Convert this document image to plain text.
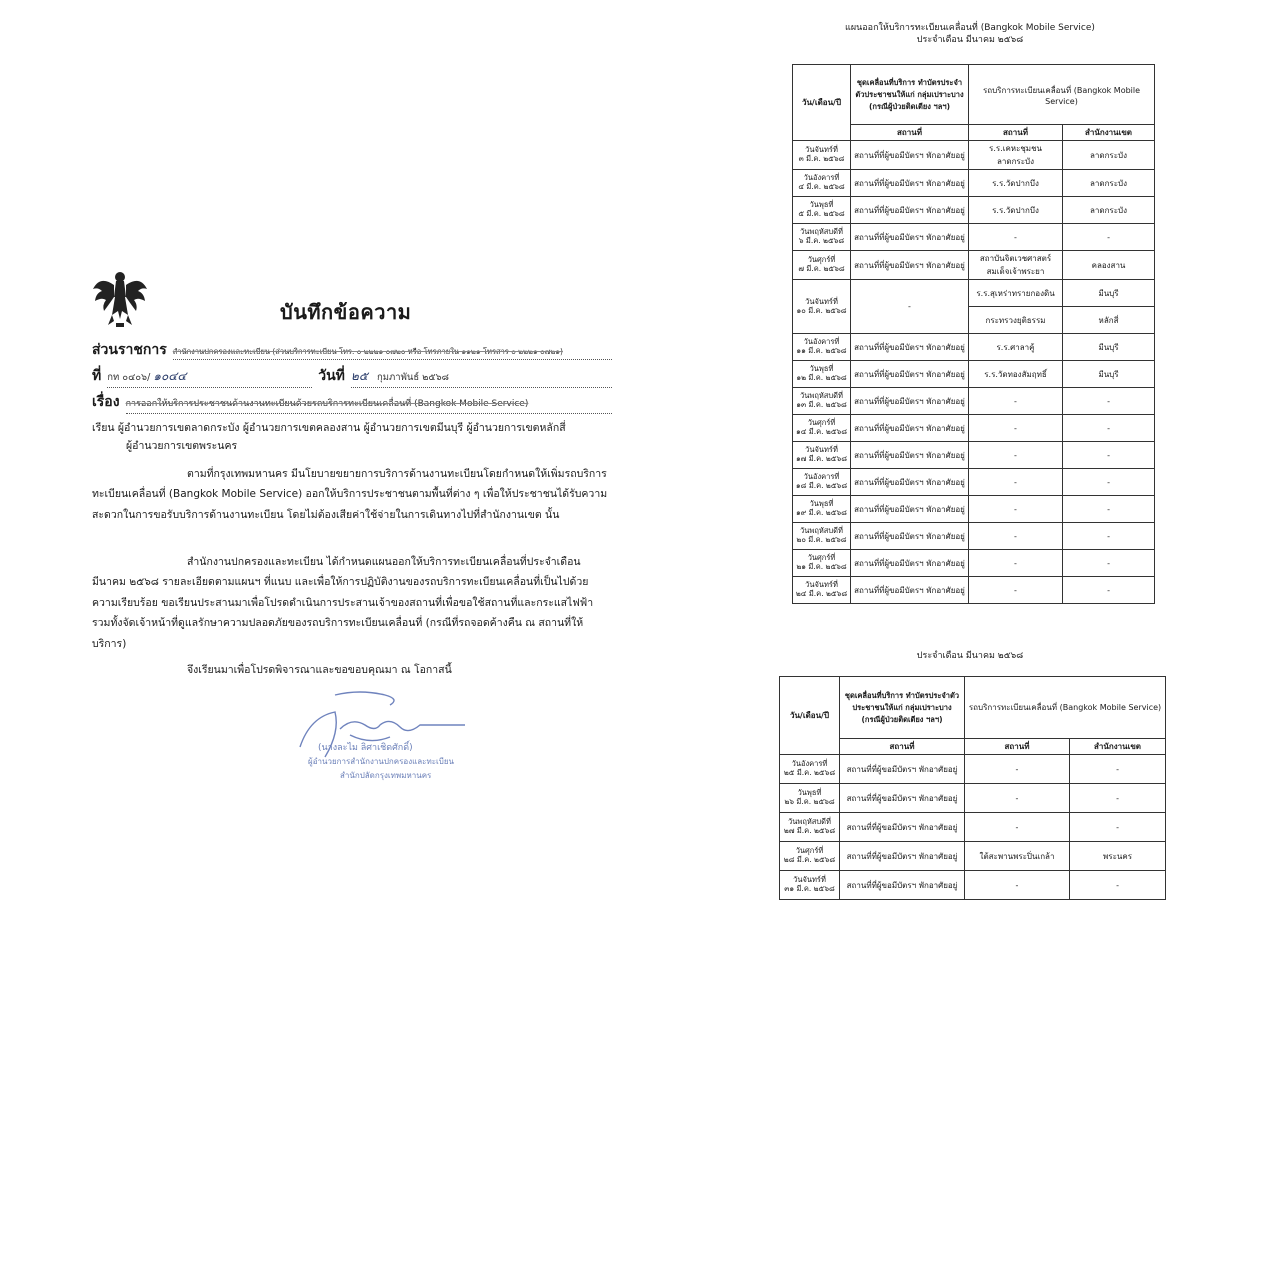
บันทึกข้อความ
ส่วนราชการ สำนักงานปกครองและทะเบียน (ส่วนบริการทะเบียน โทร. ๐ ๒๒๒๑ ๐๗๒๐ หรือ โทรภายใน ๑๑๒๑ โทรสาร ๐ ๒๒๒๑ ๐๗๒๑)
ที่ กท ๐๔๐๖/ ๑๐๔๔	วันที่ ๒๕ กุมภาพันธ์ ๒๕๖๘
เรื่อง การออกให้บริการประชาชนด้านงานทะเบียนด้วยรถบริการทะเบียนเคลื่อนที่ (Bangkok Mobile Service)
เรียน ผู้อำนวยการเขตลาดกระบัง ผู้อำนวยการเขตคลองสาน ผู้อำนวยการเขตมีนบุรี ผู้อำนวยการเขตหลักสี่
ผู้อำนวยการเขตพระนคร
ตามที่กรุงเทพมหานคร มีนโยบายขยายการบริการด้านงานทะเบียนโดยกำหนดให้เพิ่มรถบริการทะเบียนเคลื่อนที่ (Bangkok Mobile Service) ออกให้บริการประชาชนตามพื้นที่ต่าง ๆ เพื่อให้ประชาชนได้รับความสะดวกในการขอรับบริการด้านงานทะเบียน โดยไม่ต้องเสียค่าใช้จ่ายในการเดินทางไปที่สำนักงานเขต นั้น
สำนักงานปกครองและทะเบียน ได้กำหนดแผนออกให้บริการทะเบียนเคลื่อนที่ประจำเดือนมีนาคม ๒๕๖๘ รายละเอียดตามแผนฯ ที่แนบ และเพื่อให้การปฏิบัติงานของรถบริการทะเบียนเคลื่อนที่เป็นไปด้วยความเรียบร้อย ขอเรียนประสานมาเพื่อโปรดดำเนินการประสานเจ้าของสถานที่เพื่อขอใช้สถานที่และกระแสไฟฟ้า รวมทั้งจัดเจ้าหน้าที่ดูแลรักษาความปลอดภัยของรถบริการทะเบียนเคลื่อนที่ (กรณีที่รถจอดค้างคืน ณ สถานที่ให้บริการ)
จึงเรียนมาเพื่อโปรดพิจารณาและขอขอบคุณมา ณ โอกาสนี้
(นางละไม ลิศาเชิดศักดิ์)
ผู้อำนวยการสำนักงานปกครองและทะเบียน
สำนักปลัดกรุงเทพมหานคร
แผนออกให้บริการทะเบียนเคลื่อนที่ (Bangkok Mobile Service)
ประจำเดือน มีนาคม ๒๕๖๘
วัน/เดือน/ปี	ชุดเคลื่อนที่บริการ ทำบัตรประจำตัวประชาชนให้แก่ กลุ่มเปราะบาง (กรณีผู้ป่วยติดเตียง ฯลฯ)	รถบริการทะเบียนเคลื่อนที่ (Bangkok Mobile Service)	
	สถานที่	สถานที่	สำนักงานเขต

วันจันทร์ที่
๓ มี.ค. ๒๕๖๘	สถานที่ที่ผู้ขอมีบัตรฯ พักอาศัยอยู่	ร.ร.เคหะชุมชน ลาดกระบัง	ลาดกระบัง

วันอังคารที่
๔ มี.ค. ๒๕๖๘	สถานที่ที่ผู้ขอมีบัตรฯ พักอาศัยอยู่	ร.ร.วัดปากบึง	ลาดกระบัง

วันพุธที่
๕ มี.ค. ๒๕๖๘	สถานที่ที่ผู้ขอมีบัตรฯ พักอาศัยอยู่	ร.ร.วัดปากบึง	ลาดกระบัง

วันพฤหัสบดีที่
๖ มี.ค. ๒๕๖๘	สถานที่ที่ผู้ขอมีบัตรฯ พักอาศัยอยู่	-	-

วันศุกร์ที่
๗ มี.ค. ๒๕๖๘	สถานที่ที่ผู้ขอมีบัตรฯ พักอาศัยอยู่	สถาบันจิตเวชศาสตร์ สมเด็จเจ้าพระยา	คลองสาน

วันจันทร์ที่
๑๐ มี.ค. ๒๕๖๘	-	ร.ร.สุเหร่าทรายกองดิน	มีนบุรี
		กระทรวงยุติธรรม	หลักสี่

วันอังคารที่
๑๑ มี.ค. ๒๕๖๘	สถานที่ที่ผู้ขอมีบัตรฯ พักอาศัยอยู่	ร.ร.ศาลาคู้	มีนบุรี

วันพุธที่
๑๒ มี.ค. ๒๕๖๘	สถานที่ที่ผู้ขอมีบัตรฯ พักอาศัยอยู่	ร.ร.วัดทองสัมฤทธิ์	มีนบุรี

วันพฤหัสบดีที่
๑๓ มี.ค. ๒๕๖๘	สถานที่ที่ผู้ขอมีบัตรฯ พักอาศัยอยู่	-	-

วันศุกร์ที่
๑๔ มี.ค. ๒๕๖๘	สถานที่ที่ผู้ขอมีบัตรฯ พักอาศัยอยู่	-	-

วันจันทร์ที่
๑๗ มี.ค. ๒๕๖๘	สถานที่ที่ผู้ขอมีบัตรฯ พักอาศัยอยู่	-	-

วันอังคารที่
๑๘ มี.ค. ๒๕๖๘	สถานที่ที่ผู้ขอมีบัตรฯ พักอาศัยอยู่	-	-

วันพุธที่
๑๙ มี.ค. ๒๕๖๘	สถานที่ที่ผู้ขอมีบัตรฯ พักอาศัยอยู่	-	-

วันพฤหัสบดีที่
๒๐ มี.ค. ๒๕๖๘	สถานที่ที่ผู้ขอมีบัตรฯ พักอาศัยอยู่	-	-

วันศุกร์ที่
๒๑ มี.ค. ๒๕๖๘	สถานที่ที่ผู้ขอมีบัตรฯ พักอาศัยอยู่	-	-

วันจันทร์ที่
๒๔ มี.ค. ๒๕๖๘	สถานที่ที่ผู้ขอมีบัตรฯ พักอาศัยอยู่	-	-
ประจำเดือน มีนาคม ๒๕๖๘
วัน/เดือน/ปี	ชุดเคลื่อนที่บริการ ทำบัตรประจำตัวประชาชนให้แก่ กลุ่มเปราะบาง (กรณีผู้ป่วยติดเตียง ฯลฯ)	รถบริการทะเบียนเคลื่อนที่ (Bangkok Mobile Service)	
	สถานที่	สถานที่	สำนักงานเขต

วันอังคารที่
๒๕ มี.ค. ๒๕๖๘	สถานที่ที่ผู้ขอมีบัตรฯ พักอาศัยอยู่	-	-

วันพุธที่
๒๖ มี.ค. ๒๕๖๘	สถานที่ที่ผู้ขอมีบัตรฯ พักอาศัยอยู่	-	-

วันพฤหัสบดีที่
๒๗ มี.ค. ๒๕๖๘	สถานที่ที่ผู้ขอมีบัตรฯ พักอาศัยอยู่	-	-

วันศุกร์ที่
๒๘ มี.ค. ๒๕๖๘	สถานที่ที่ผู้ขอมีบัตรฯ พักอาศัยอยู่	ใต้สะพานพระปิ่นเกล้า	พระนคร

วันจันทร์ที่
๓๑ มี.ค. ๒๕๖๘	สถานที่ที่ผู้ขอมีบัตรฯ พักอาศัยอยู่	-	-
